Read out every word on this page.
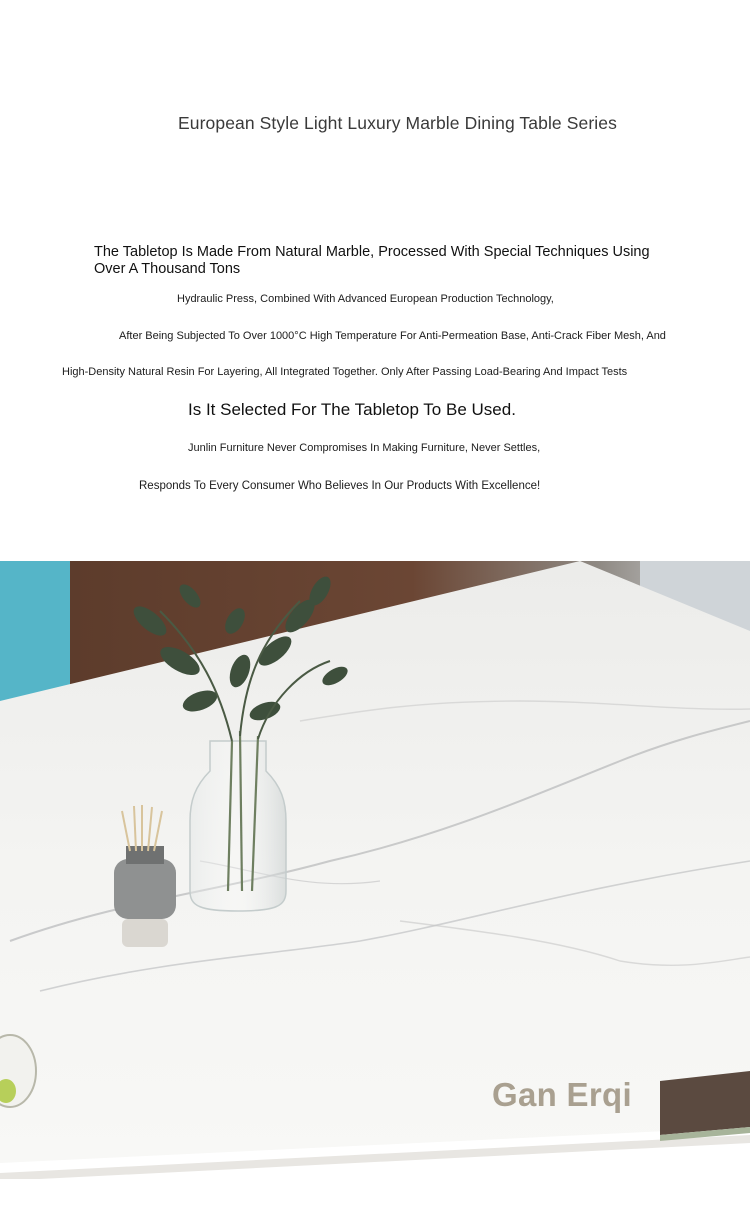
European Style Light Luxury Marble Dining Table Series
The Tabletop Is Made From Natural Marble, Processed With Special Techniques Using Over A Thousand Tons
Hydraulic Press, Combined With Advanced European Production Technology,
After Being Subjected To Over 1000°C High Temperature For Anti-Permeation Base, Anti-Crack Fiber Mesh, And
High-Density Natural Resin For Layering, All Integrated Together. Only After Passing Load-Bearing And Impact Tests
Is It Selected For The Tabletop To Be Used.
Junlin Furniture Never Compromises In Making Furniture, Never Settles,
Responds To Every Consumer Who Believes In Our Products With Excellence!
Gan Erqi
